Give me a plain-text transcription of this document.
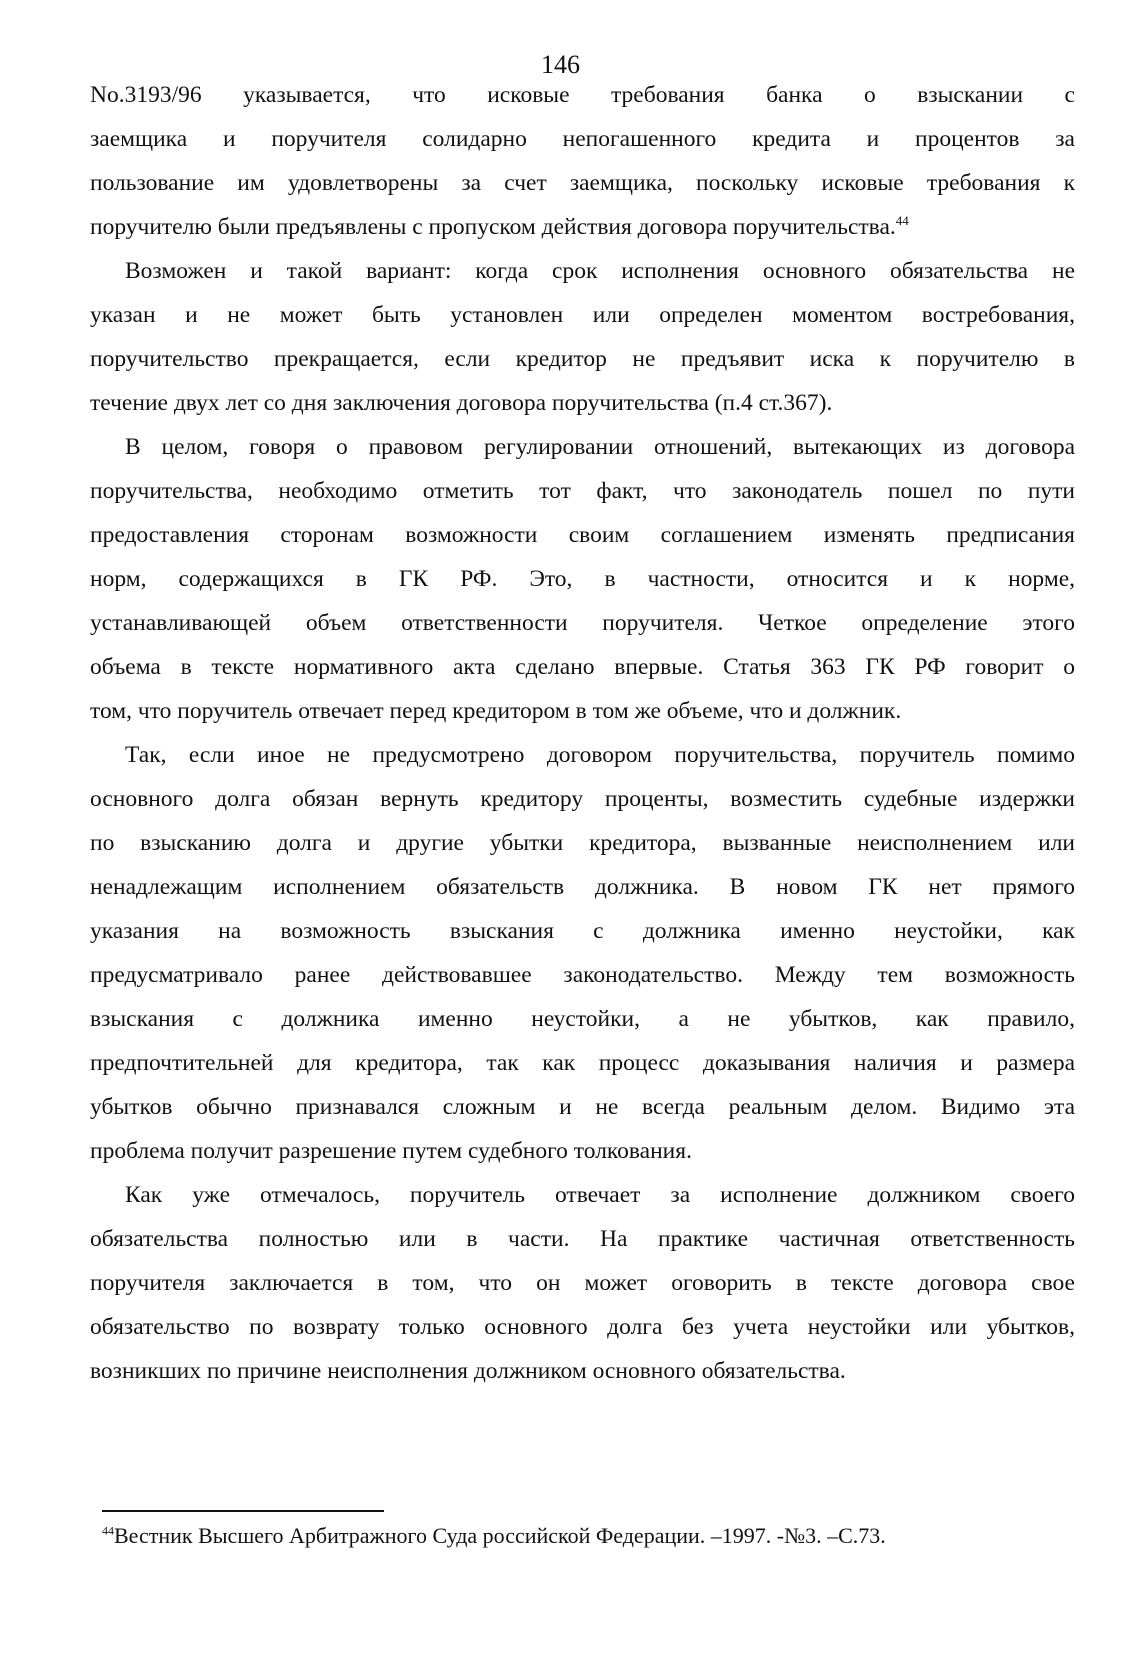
146
No.3193/96 указывается, что исковые требования банка о взыскании с
заемщика и поручителя солидарно непогашенного кредита и процентов за
пользование им удовлетворены за счет заемщика, поскольку исковые требования к
поручителю были предъявлены с пропуском действия договора поручительства.$^{44}$
Возможен и такой вариант: когда срок исполнения основного обязательства не
указан и не может быть установлен или определен моментом востребования,
поручительство прекращается, если кредитор не предъявит иска к поручителю в
течение двух лет со дня заключения договора поручительства (п.4 ст.367).
В целом, говоря о правовом регулировании отношений, вытекающих из договора
поручительства, необходимо отметить тот факт, что законодатель пошел по пути
предоставления сторонам возможности своим соглашением изменять предписания
норм, содержащихся в ГК РФ. Это, в частности, относится и к норме,
устанавливающей объем ответственности поручителя. Четкое определение этого
объема в тексте нормативного акта сделано впервые. Статья 363 ГК РФ говорит о
том, что поручитель отвечает перед кредитором в том же объеме, что и должник.
Так, если иное не предусмотрено договором поручительства, поручитель помимо
основного долга обязан вернуть кредитору проценты, возместить судебные издержки
по взысканию долга и другие убытки кредитора, вызванные неисполнением или
ненадлежащим исполнением обязательств должника. В новом ГК нет прямого
указания на возможность взыскания с должника именно неустойки, как
предусматривало ранее действовавшее законодательство. Между тем возможность
взыскания с должника именно неустойки, а не убытков, как правило,
предпочтительней для кредитора, так как процесс доказывания наличия и размера
убытков обычно признавался сложным и не всегда реальным делом. Видимо эта
проблема получит разрешение путем судебного толкования.
Как уже отмечалось, поручитель отвечает за исполнение должником своего
обязательства полностью или в части. На практике частичная ответственность
поручителя заключается в том, что он может оговорить в тексте договора свое
обязательство по возврату только основного долга без учета неустойки или убытков,
возникших по причине неисполнения должником основного обязательства.
$^{44}$Вестник Высшего Арбитражного Суда российской Федерации. –1997. -№3. –С.73.
